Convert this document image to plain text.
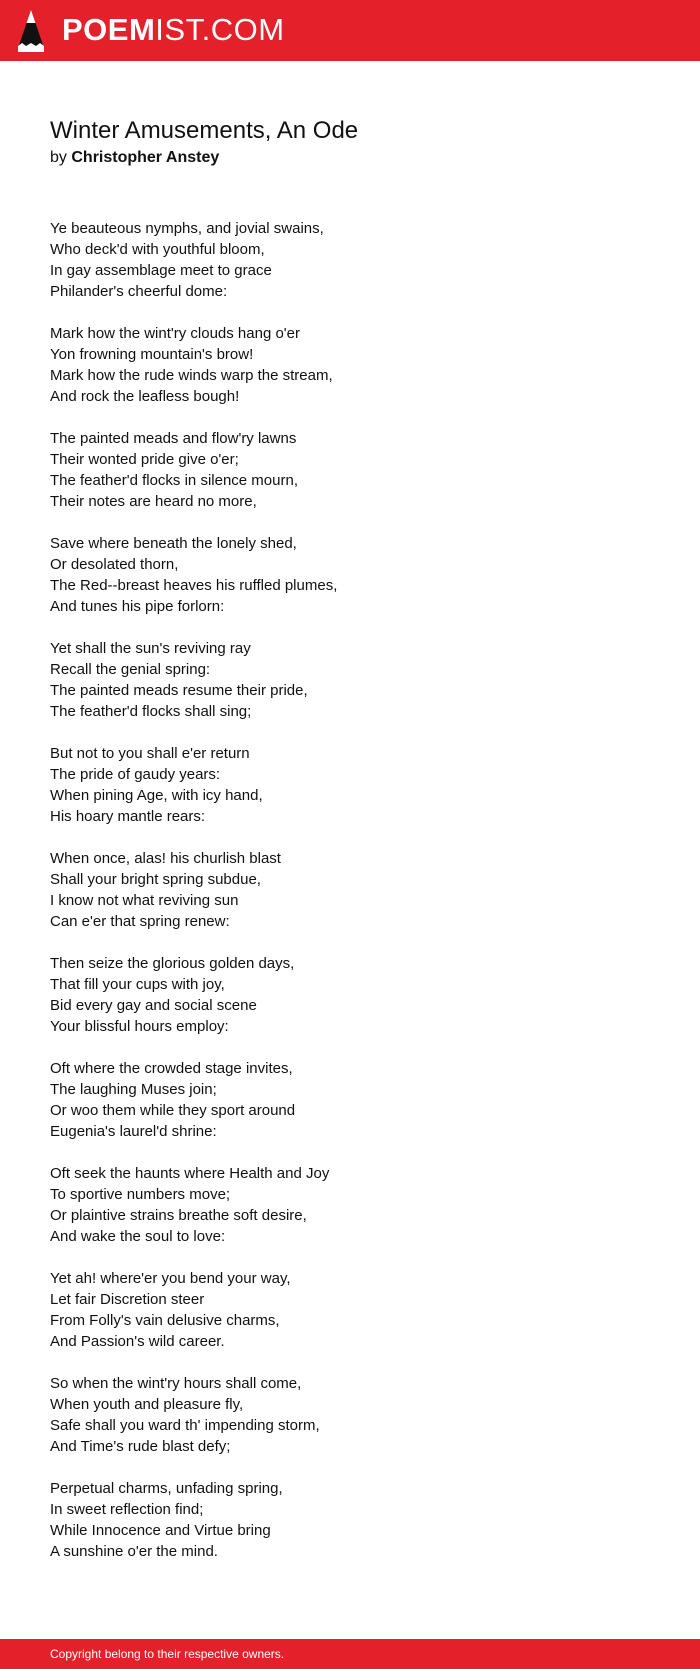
POEMIST.COM
Winter Amusements, An Ode
by Christopher Anstey
Ye beauteous nymphs, and jovial swains,
Who deck'd with youthful bloom,
In gay assemblage meet to grace
Philander's cheerful dome:
Mark how the wint'ry clouds hang o'er
Yon frowning mountain's brow!
Mark how the rude winds warp the stream,
And rock the leafless bough!
The painted meads and flow'ry lawns
Their wonted pride give o'er;
The feather'd flocks in silence mourn,
Their notes are heard no more,
Save where beneath the lonely shed,
Or desolated thorn,
The Red--breast heaves his ruffled plumes,
And tunes his pipe forlorn:
Yet shall the sun's reviving ray
Recall the genial spring:
The painted meads resume their pride,
The feather'd flocks shall sing;
But not to you shall e'er return
The pride of gaudy years:
When pining Age, with icy hand,
His hoary mantle rears:
When once, alas! his churlish blast
Shall your bright spring subdue,
I know not what reviving sun
Can e'er that spring renew:
Then seize the glorious golden days,
That fill your cups with joy,
Bid every gay and social scene
Your blissful hours employ:
Oft where the crowded stage invites,
The laughing Muses join;
Or woo them while they sport around
Eugenia's laurel'd shrine:
Oft seek the haunts where Health and Joy
To sportive numbers move;
Or plaintive strains breathe soft desire,
And wake the soul to love:
Yet ah! where'er you bend your way,
Let fair Discretion steer
From Folly's vain delusive charms,
And Passion's wild career.
So when the wint'ry hours shall come,
When youth and pleasure fly,
Safe shall you ward th' impending storm,
And Time's rude blast defy;
Perpetual charms, unfading spring,
In sweet reflection find;
While Innocence and Virtue bring
A sunshine o'er the mind.
Copyright belong to their respective owners.
